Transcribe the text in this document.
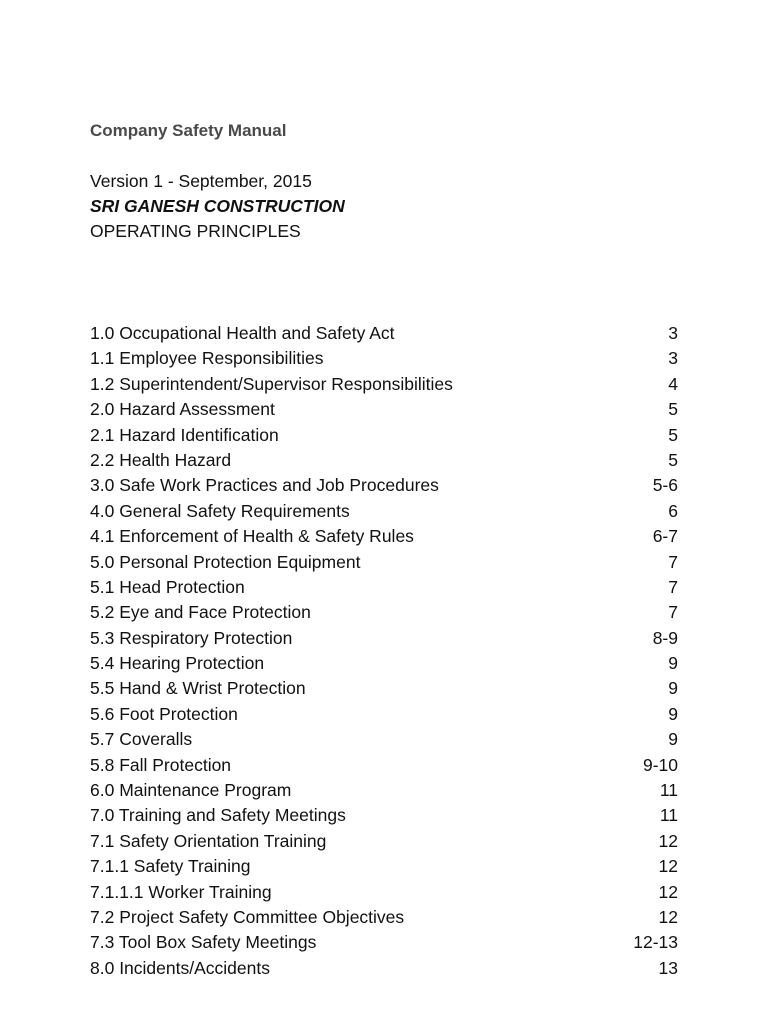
Company Safety Manual
Version 1 - September, 2015
SRI GANESH CONSTRUCTION
OPERATING PRINCIPLES
1.0 Occupational Health and Safety Act	3
1.1 Employee Responsibilities	3
1.2 Superintendent/Supervisor Responsibilities	4
2.0 Hazard Assessment	5
2.1 Hazard Identification	5
2.2 Health Hazard	5
3.0 Safe Work Practices and Job Procedures	5-6
4.0 General Safety Requirements	6
4.1 Enforcement of Health & Safety Rules	6-7
5.0 Personal Protection Equipment	7
5.1 Head Protection	7
5.2 Eye and Face Protection	7
5.3 Respiratory Protection	8-9
5.4 Hearing Protection	9
5.5 Hand & Wrist Protection	9
5.6 Foot Protection	9
5.7 Coveralls	9
5.8 Fall Protection	9-10
6.0 Maintenance Program	11
7.0 Training and Safety Meetings	11
7.1 Safety Orientation Training	12
7.1.1 Safety Training	12
7.1.1.1 Worker Training	12
7.2 Project Safety Committee Objectives	12
7.3 Tool Box Safety Meetings	12-13
8.0 Incidents/Accidents	13
